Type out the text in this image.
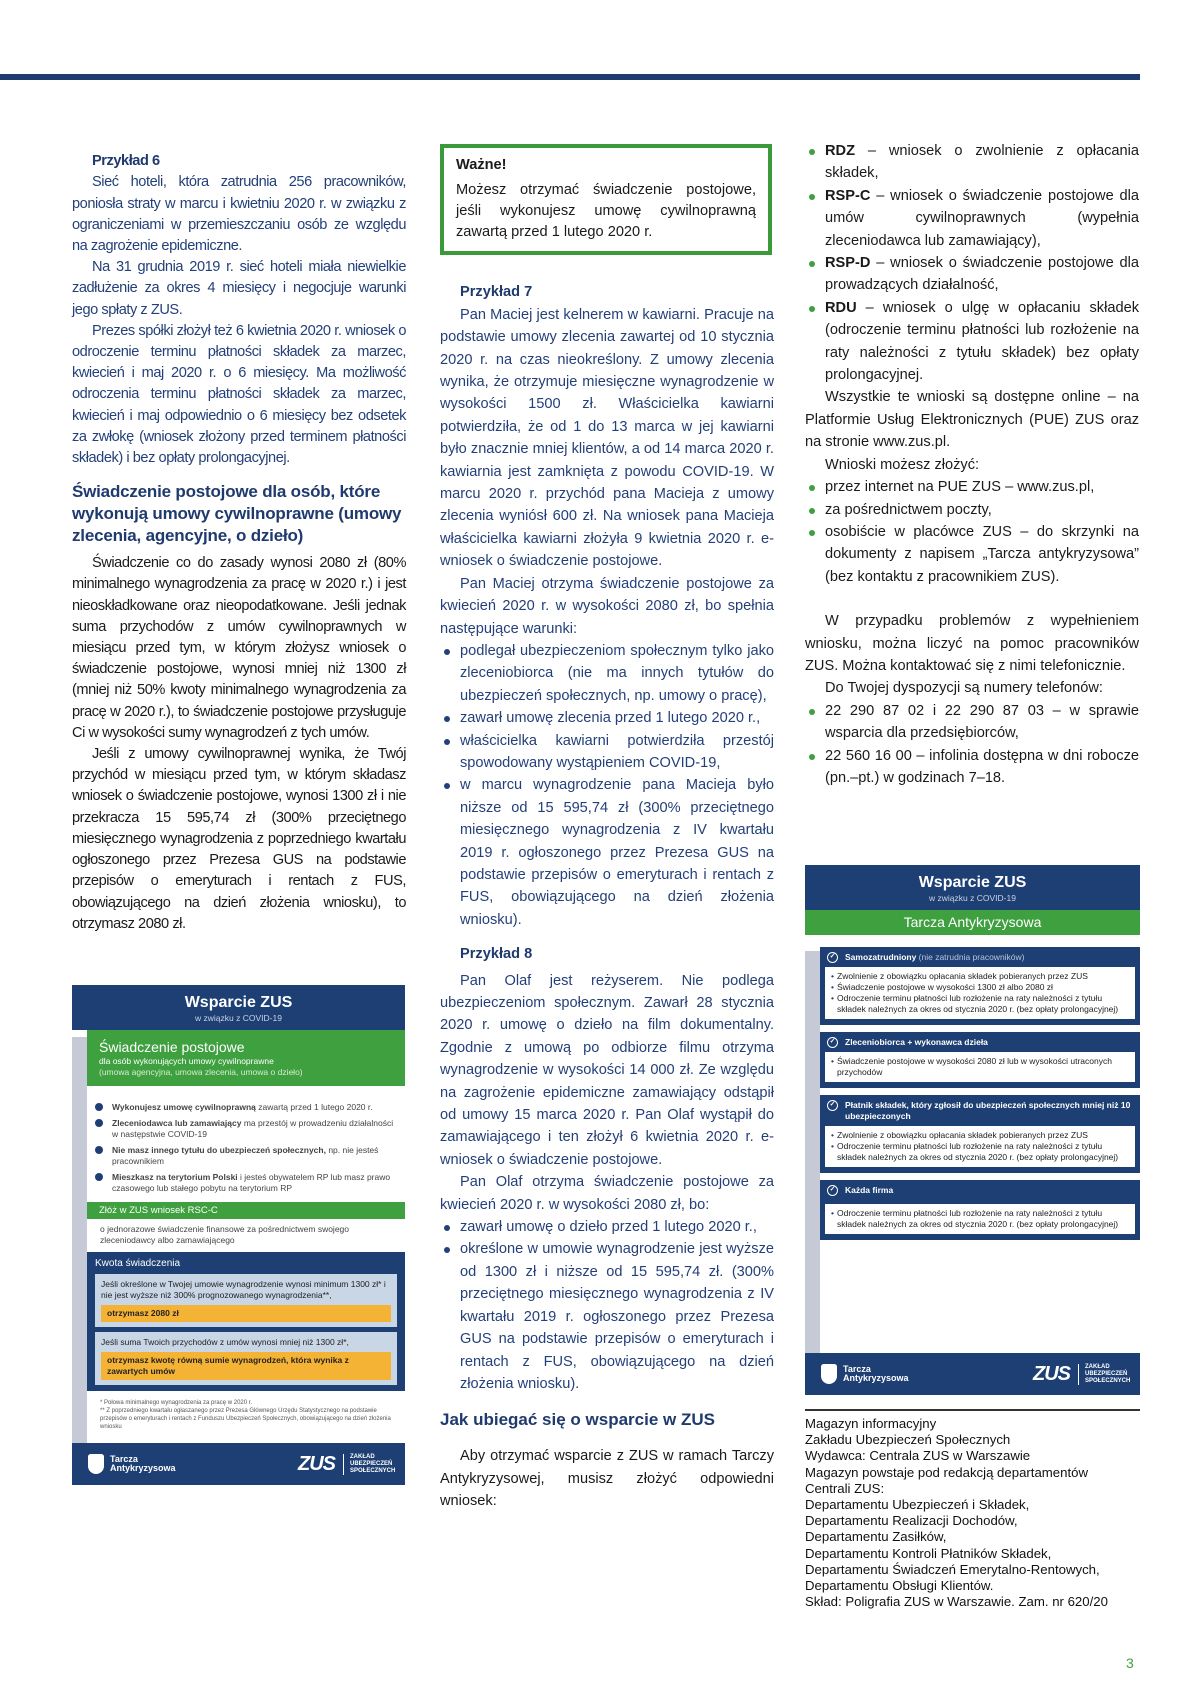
Przykład 6

Sieć hoteli, która zatrudnia 256 pracowników, poniosła straty w marcu i kwietniu 2020 r. w związku z ograniczeniami w przemieszczaniu osób ze względu na zagrożenie epidemiczne.

Na 31 grudnia 2019 r. sieć hoteli miała niewielkie zadłużenie za okres 4 miesięcy i negocjuje warunki jego spłaty z ZUS.

Prezes spółki złożył też 6 kwietnia 2020 r. wniosek o odroczenie terminu płatności składek za marzec, kwiecień i maj 2020 r. o 6 miesięcy. Ma możliwość odroczenia terminu płatności składek za marzec, kwiecień i maj odpowiednio o 6 miesięcy bez odsetek za zwłokę (wniosek złożony przed terminem płatności składek) i bez opłaty prolongacyjnej.

Świadczenie postojowe dla osób, które wykonują umowy cywilnoprawne (umowy zlecenia, agencyjne, o dzieło)

Świadczenie co do zasady wynosi 2080 zł (80% minimalnego wynagrodzenia za pracę w 2020 r.) i jest nieoskładkowane oraz nieopodatkowane. Jeśli jednak suma przychodów z umów cywilnoprawnych w miesiącu przed tym, w którym złożysz wniosek o świadczenie postojowe, wynosi mniej niż 1300 zł (mniej niż 50% kwoty minimalnego wynagrodzenia za pracę w 2020 r.), to świadczenie postojowe przysługuje Ci w wysokości sumy wynagrodzeń z tych umów.

Jeśli z umowy cywilnoprawnej wynika, że Twój przychód w miesiącu przed tym, w którym składasz wniosek o świadczenie postojowe, wynosi 1300 zł i nie przekracza 15 595,74 zł (300% przeciętnego miesięcznego wynagrodzenia z poprzedniego kwartału ogłoszonego przez Prezesa GUS na podstawie przepisów o emeryturach i rentach z FUS, obowiązującego na dzień złożenia wniosku), to otrzymasz 2080 zł.

Wsparcie ZUS
w związku z COVID-19
Świadczenie postojowe
dla osób wykonujących umowy cywilnoprawne
(umowa agencyjna, umowa zlecenia, umowa o dzieło)
Wykonujesz umowę cywilnoprawną zawartą przed 1 lutego 2020 r.
Zleceniodawca lub zamawiający ma przestój w prowadzeniu działalności w następstwie COVID-19
Nie masz innego tytułu do ubezpieczeń społecznych, np. nie jesteś pracownikiem
Mieszkasz na terytorium Polski i jesteś obywatelem RP lub masz prawo czasowego lub stałego pobytu na terytorium RP
Złóż w ZUS wniosek RSC-C
o jednorazowe świadczenie finansowe za pośrednictwem swojego zleceniodawcy albo zamawiającego
Kwota świadczenia
Jeśli określone w Twojej umowie wynagrodzenie wynosi minimum 1300 zł* i nie jest wyższe niż 300% prognozowanego wynagrodzenia**,
otrzymasz 2080 zł
Jeśli suma Twoich przychodów z umów wynosi mniej niż 1300 zł*,
otrzymasz kwotę równą sumie wynagrodzeń, która wynika z zawartych umów
* Połowa minimalnego wynagrodzenia za pracę w 2020 r.
** Z poprzedniego kwartału ogłaszanego przez Prezesa Głównego Urzędu Statystycznego na podstawie przepisów o emeryturach i rentach z Funduszu Ubezpieczeń Społecznych, obowiązującego na dzień złożenia wniosku
Tarcza Antykryzysowa	ZUS	ZAKŁAD UBEZPIECZEŃ SPOŁECZNYCH
Ważne!
Możesz otrzymać świadczenie postojowe, jeśli wykonujesz umowę cywilnoprawną zawartą przed 1 lutego 2020 r.
Przykład 7

Pan Maciej jest kelnerem w kawiarni. Pracuje na podstawie umowy zlecenia zawartej od 10 stycznia 2020 r. na czas nieokreślony. Z umowy zlecenia wynika, że otrzymuje miesięczne wynagrodzenie w wysokości 1500 zł. Właścicielka kawiarni potwierdziła, że od 1 do 13 marca w jej kawiarni było znacznie mniej klientów, a od 14 marca 2020 r. kawiarnia jest zamknięta z powodu COVID-19. W marcu 2020 r. przychód pana Macieja z umowy zlecenia wyniósł 600 zł. Na wniosek pana Macieja właścicielka kawiarni złożyła 9 kwietnia 2020 r. e-wniosek o świadczenie postojowe.

Pan Maciej otrzyma świadczenie postojowe za kwiecień 2020 r. w wysokości 2080 zł, bo spełnia następujące warunki:

podlegał ubezpieczeniom społecznym tylko jako zleceniobiorca (nie ma innych tytułów do ubezpieczeń społecznych, np. umowy o pracę),
zawarł umowę zlecenia przed 1 lutego 2020 r.,
właścicielka kawiarni potwierdziła przestój spowodowany wystąpieniem COVID-19,
w marcu wynagrodzenie pana Macieja było niższe od 15 595,74 zł (300% przeciętnego miesięcznego wynagrodzenia z IV kwartału 2019 r. ogłoszonego przez Prezesa GUS na podstawie przepisów o emeryturach i rentach z FUS, obowiązującego na dzień złożenia wniosku).
Przykład 8

Pan Olaf jest reżyserem. Nie podlega ubezpieczeniom społecznym. Zawarł 28 stycznia 2020 r. umowę o dzieło na film dokumentalny. Zgodnie z umową po odbiorze filmu otrzyma wynagrodzenie w wysokości 14 000 zł. Ze względu na zagrożenie epidemiczne zamawiający odstąpił od umowy 15 marca 2020 r. Pan Olaf wystąpił do zamawiającego i ten złożył 6 kwietnia 2020 r. e-wniosek o świadczenie postojowe.

Pan Olaf otrzyma świadczenie postojowe za kwiecień 2020 r. w wysokości 2080 zł, bo:

zawarł umowę o dzieło przed 1 lutego 2020 r.,
określone w umowie wynagrodzenie jest wyższe od 1300 zł i niższe od 15 595,74 zł. (300% przeciętnego miesięcznego wynagrodzenia z IV kwartału 2019 r. ogłoszonego przez Prezesa GUS na podstawie przepisów o emeryturach i rentach z FUS, obowiązującego na dzień złożenia wniosku).
Jak ubiegać się o wsparcie w ZUS

Aby otrzymać wsparcie z ZUS w ramach Tarczy Antykryzysowej, musisz złożyć odpowiedni wniosek:

RDZ – wniosek o zwolnienie z opłacania składek,
RSP-C – wniosek o świadczenie postojowe dla umów cywilnoprawnych (wypełnia zleceniodawca lub zamawiający),
RSP-D – wniosek o świadczenie postojowe dla prowadzących działalność,
RDU – wniosek o ulgę w opłacaniu składek (odroczenie terminu płatności lub rozłożenie na raty należności z tytułu składek) bez opłaty prolongacyjnej.

Wszystkie te wnioski są dostępne online – na Platformie Usług Elektronicznych (PUE) ZUS oraz na stronie www.zus.pl.

Wnioski możesz złożyć:

przez internet na PUE ZUS – www.zus.pl,
za pośrednictwem poczty,
osobiście w placówce ZUS – do skrzynki na dokumenty z napisem „Tarcza antykryzysowa” (bez kontaktu z pracownikiem ZUS).

W przypadku problemów z wypełnieniem wniosku, można liczyć na pomoc pracowników ZUS. Można kontaktować się z nimi telefonicznie.

Do Twojej dyspozycji są numery telefonów:

22 290 87 02 i 22 290 87 03 – w sprawie wsparcia dla przedsiębiorców,
22 560 16 00 – infolinia dostępna w dni robocze (pn.–pt.) w godzinach 7–18.
Wsparcie ZUS
w związku z COVID-19
Tarcza Antykryzysowa
✓	Samozatrudniony (nie zatrudnia pracowników)
• Zwolnienie z obowiązku opłacania składek pobieranych przez ZUS
• Świadczenie postojowe w wysokości 1300 zł albo 2080 zł
• Odroczenie terminu płatności lub rozłożenie na raty należności z tytułu składek należnych za okres od stycznia 2020 r. (bez opłaty prolongacyjnej)
✓	Zleceniobiorca + wykonawca dzieła
• Świadczenie postojowe w wysokości 2080 zł lub w wysokości utraconych przychodów
✓	Płatnik składek, który zgłosił do ubezpieczeń społecznych mniej niż 10 ubezpieczonych
• Zwolnienie z obowiązku opłacania składek pobieranych przez ZUS
• Odroczenie terminu płatności lub rozłożenie na raty należności z tytułu składek należnych za okres od stycznia 2020 r. (bez opłaty prolongacyjnej)
✓	Każda firma
• Odroczenie terminu płatności lub rozłożenie na raty należności z tytułu składek należnych za okres od stycznia 2020 r. (bez opłaty prolongacyjnej)
Tarcza Antykryzysowa	ZUS	ZAKŁAD UBEZPIECZEŃ SPOŁECZNYCH
Magazyn informacyjny
Zakładu Ubezpieczeń Społecznych
Wydawca: Centrala ZUS w Warszawie
Magazyn powstaje pod redakcją departamentów
Centrali ZUS:
Departamentu Ubezpieczeń i Składek,
Departamentu Realizacji Dochodów,
Departamentu Zasiłków,
Departamentu Kontroli Płatników Składek,
Departamentu Świadczeń Emerytalno-Rentowych,
Departamentu Obsługi Klientów.
Skład: Poligrafia ZUS w Warszawie. Zam. nr 620/20
3
